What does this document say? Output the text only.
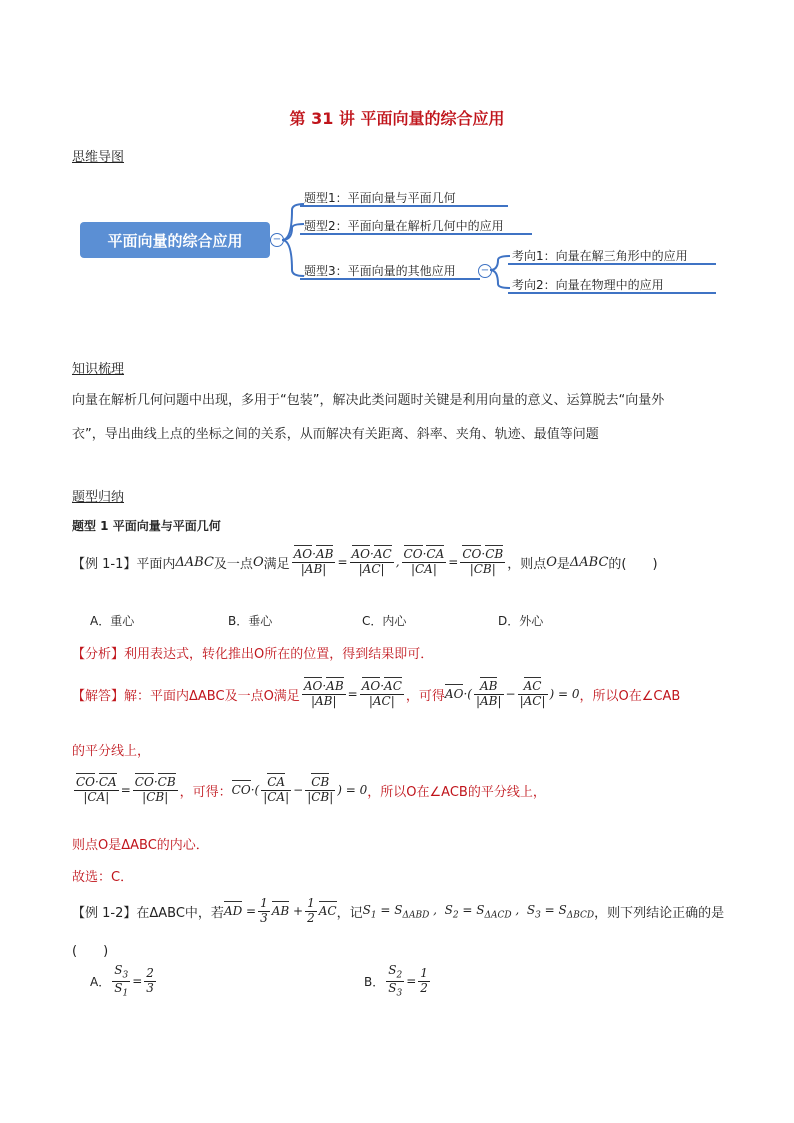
第 31 讲 平面向量的综合应用
思维导图
平面向量的综合应用	−
题型1：平面向量与平面几何
题型2：平面向量在解析几何中的应用
题型3：平面向量的其他应用	−
考向1：向量在解三角形中的应用
考向2：向量在物理中的应用
知识梳理
向量在解析几何问题中出现，多用于“包装”，解决此类问题时关键是利用向量的意义、运算脱去“向量外
衣”，导出曲线上点的坐标之间的关系，从而解决有关距离、斜率、夹角、轨迹、最值等问题
题型归纳
题型 1 平面向量与平面几何
【例 1-1】 平面内 ΔABC 及一点 O 满足 $\frac{AO\cdot AB}{|AB|} = \frac{AO\cdot AC}{|AC|}$ , $\frac{CO\cdot CA}{|CA|} = \frac{CO\cdot CB}{|CB|}$ ，则点 O 是 ΔABC 的(　　)
A．重心	B．垂心	C．内心	D．外心
【分析】利用表达式，转化推出O所在的位置，得到结果即可．
【解答】 解：平面内ΔABC及一点O满足 $\frac{AO\cdot AB}{|AB|} = \frac{AO\cdot AC}{|AC|}$ ，可得 $AO\cdot( \frac{AB}{|AB|} - \frac{AC}{|AC|}$ ) = 0 ，所以O在∠CAB
的平分线上，
$\frac{CO\cdot CA}{|CA|} = \frac{CO\cdot CB}{|CB|}$ ，可得： $CO\cdot( \frac{CA}{|CA|} - \frac{CB}{|CB|}$ ) = 0 ，所以O在∠ACB的平分线上，
则点O是ΔABC的内心．
故选：C．
【例 1-2】 在ΔABC中，若 AD = $\frac{1}{3}$ AB + $\frac{1}{2}$ AC ，记 $S_1 = S_{\Delta ABD}$ ,  $S_2 = S_{\Delta ACD}$ ,  $S_3 = S_{\Delta BCD}$ ，则下列结论正确的是
(　　)
A． $\frac{S_3}{S_1} = \frac{2}{3}$	B． $\frac{S_2}{S_3} = \frac{1}{2}$
